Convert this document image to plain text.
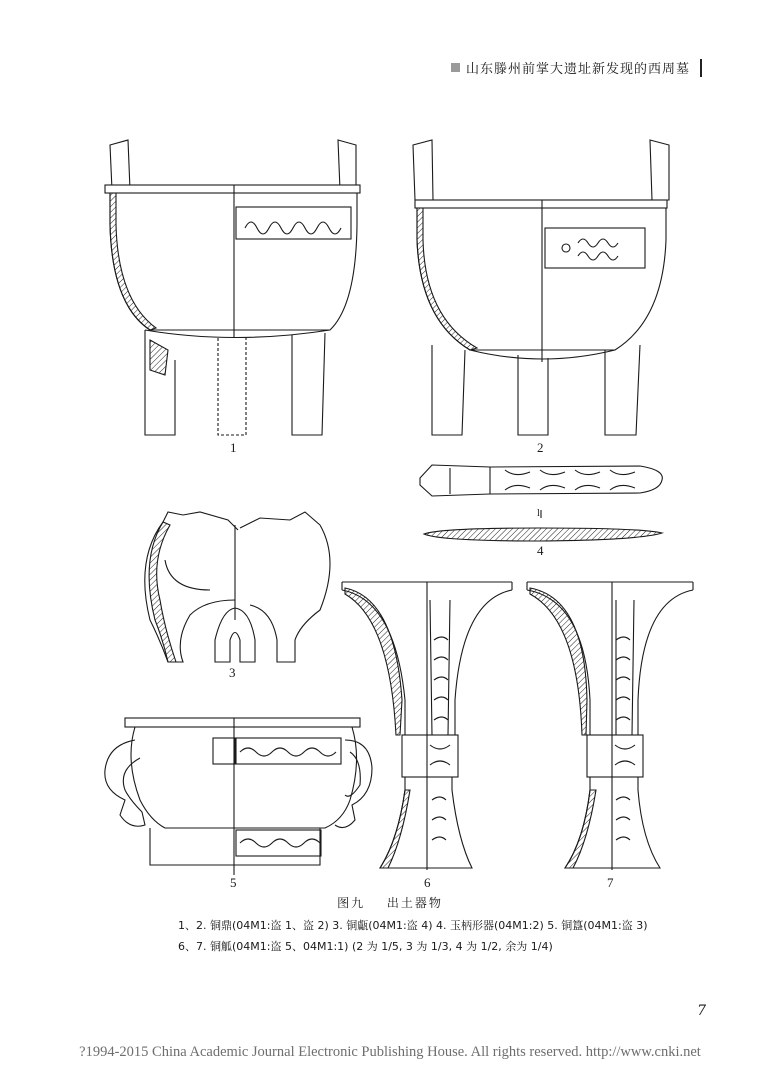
山东滕州前掌大遗址新发现的西周墓
1	2
l
4
3
5	6	7
图九 出土器物
1、2. 铜鼎(04M1:盗 1、盗 2) 3. 铜甗(04M1:盗 4) 4. 玉柄形器(04M1:2) 5. 铜簋(04M1:盗 3)
6、7. 铜觚(04M1:盗 5、04M1:1) (2 为 1/5, 3 为 1/3, 4 为 1/2, 余为 1/4)
7
?1994-2015 China Academic Journal Electronic Publishing House. All rights reserved. http://www.cnki.net
